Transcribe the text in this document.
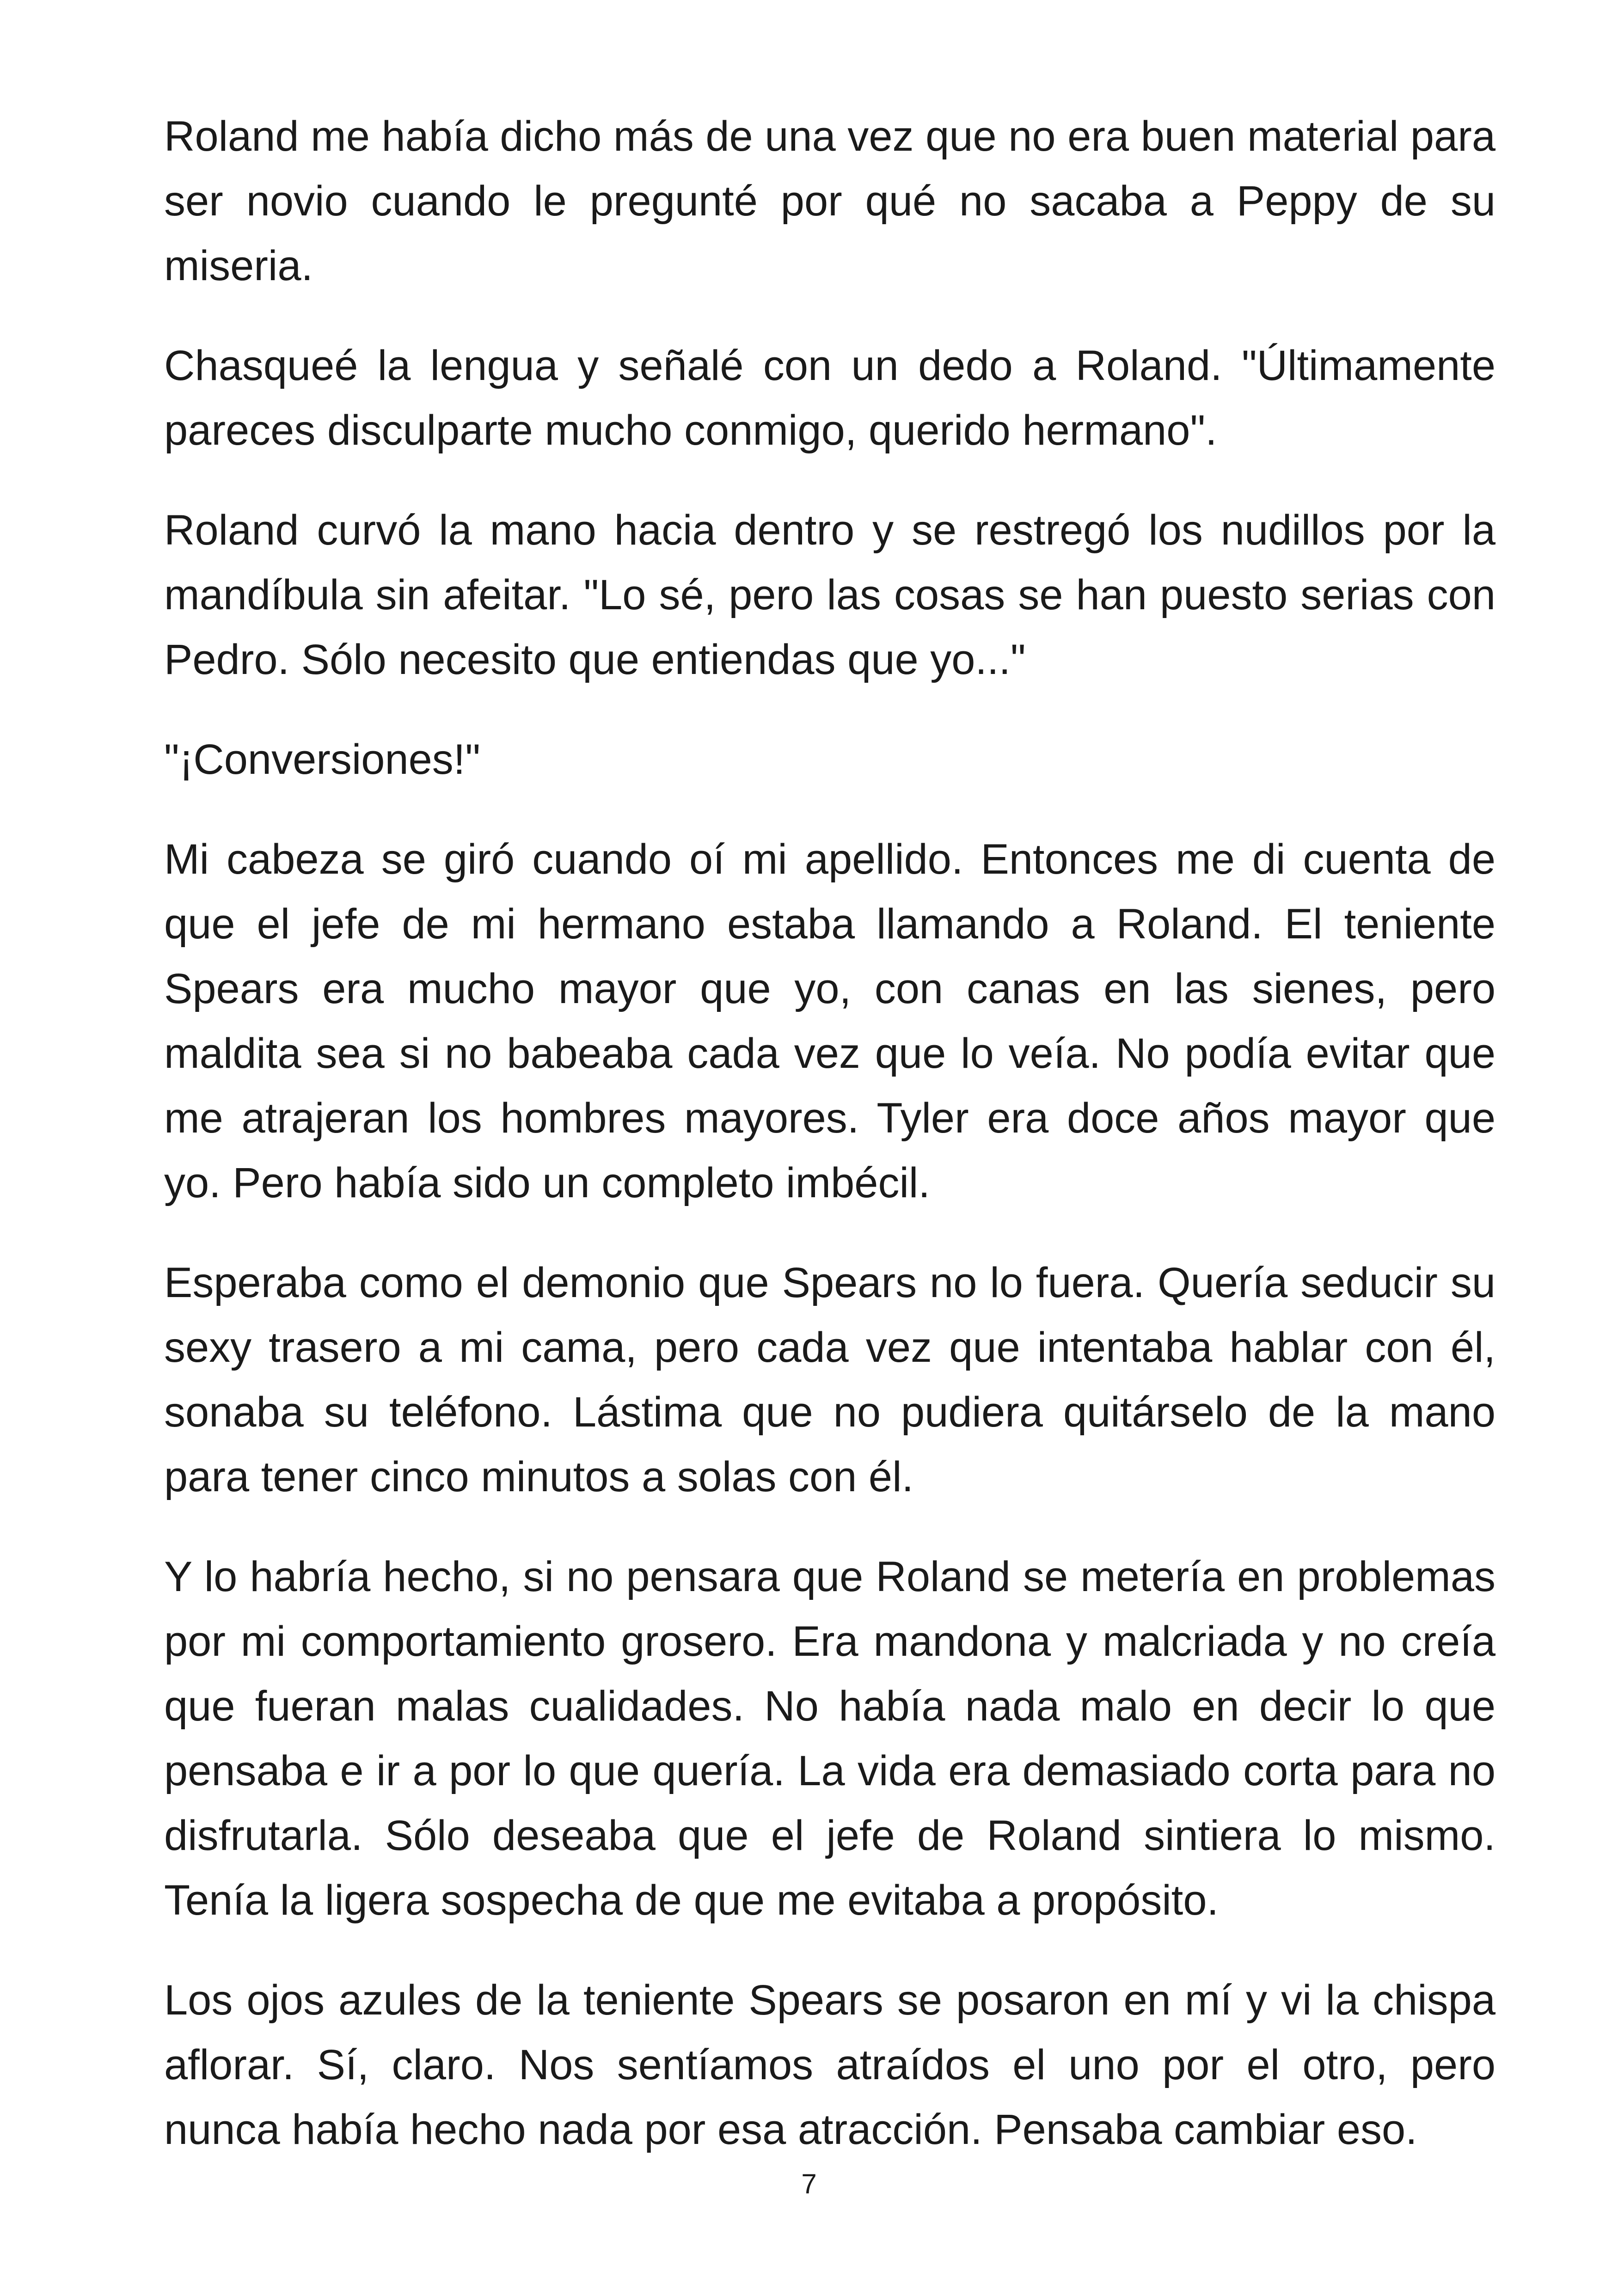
Roland me había dicho más de una vez que no era buen material para ser novio cuando le pregunté por qué no sacaba a Peppy de su miseria.

Chasqueé la lengua y señalé con un dedo a Roland. "Últimamente pareces disculparte mucho conmigo, querido hermano".

Roland curvó la mano hacia dentro y se restregó los nudillos por la mandíbula sin afeitar. "Lo sé, pero las cosas se han puesto serias con Pedro. Sólo necesito que entiendas que yo..."

"¡Conversiones!"

Mi cabeza se giró cuando oí mi apellido. Entonces me di cuenta de que el jefe de mi hermano estaba llamando a Roland. El teniente Spears era mucho mayor que yo, con canas en las sienes, pero maldita sea si no babeaba cada vez que lo veía. No podía evitar que me atrajeran los hombres mayores. Tyler era doce años mayor que yo. Pero había sido un completo imbécil.

Esperaba como el demonio que Spears no lo fuera. Quería seducir su sexy trasero a mi cama, pero cada vez que intentaba hablar con él, sonaba su teléfono. Lástima que no pudiera quitárselo de la mano para tener cinco minutos a solas con él.

Y lo habría hecho, si no pensara que Roland se metería en problemas por mi comportamiento grosero. Era mandona y malcriada y no creía que fueran malas cualidades. No había nada malo en decir lo que pensaba e ir a por lo que quería. La vida era demasiado corta para no disfrutarla. Sólo deseaba que el jefe de Roland sintiera lo mismo. Tenía la ligera sospecha de que me evitaba a propósito.

Los ojos azules de la teniente Spears se posaron en mí y vi la chispa aflorar. Sí, claro. Nos sentíamos atraídos el uno por el otro, pero nunca había hecho nada por esa atracción. Pensaba cambiar eso.

7
